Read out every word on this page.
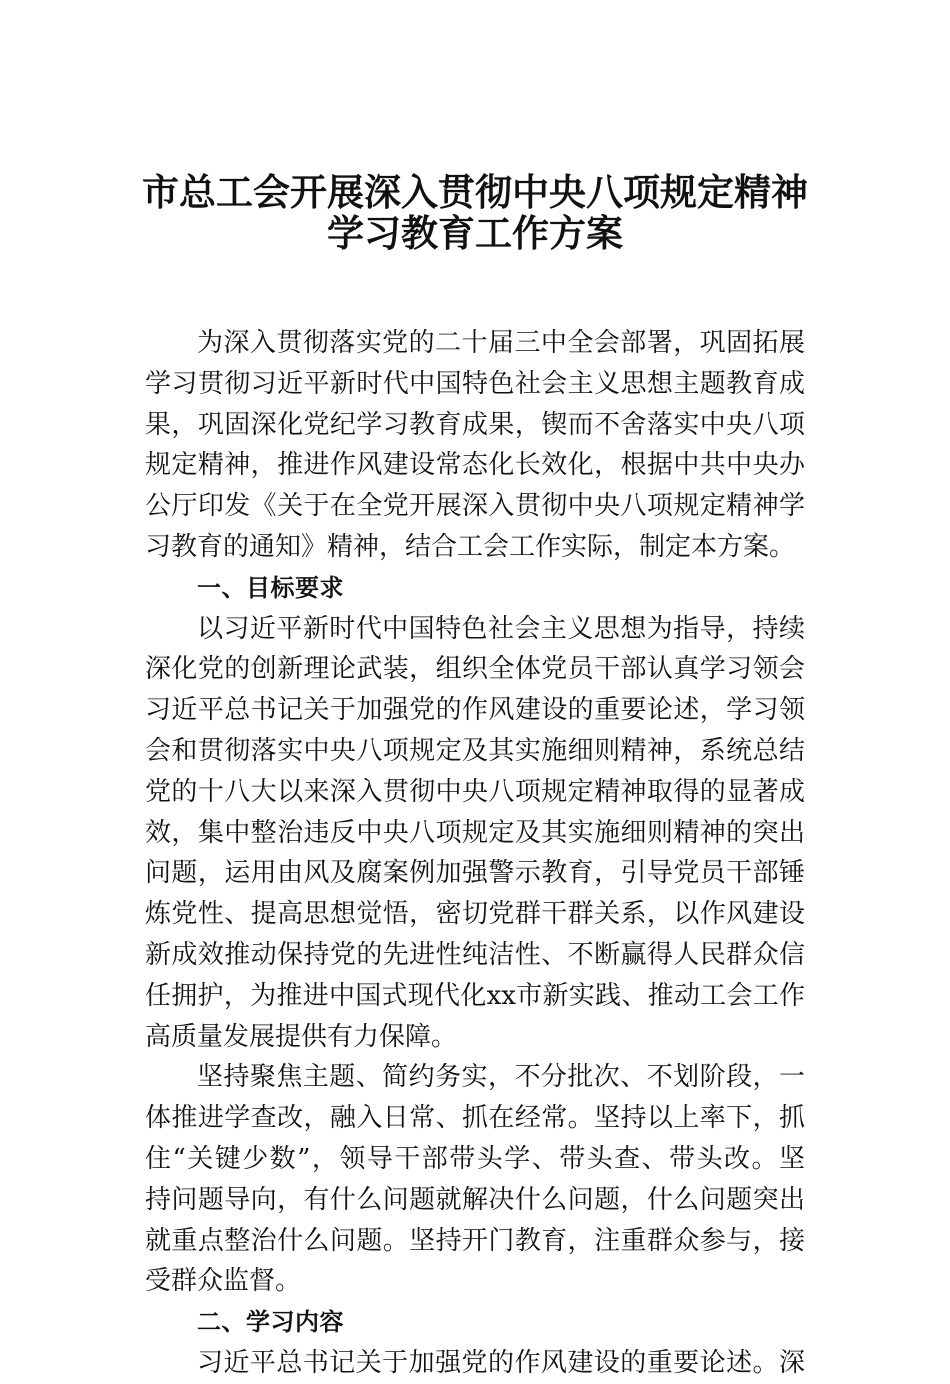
市总工会开展深入贯彻中央八项规定精神
学习教育工作方案
为深入贯彻落实党的二十届三中全会部署，巩固拓展
学习贯彻习近平新时代中国特色社会主义思想主题教育成
果，巩固深化党纪学习教育成果，锲而不舍落实中央八项
规定精神，推进作风建设常态化长效化，根据中共中央办
公厅印发《关于在全党开展深入贯彻中央八项规定精神学
习教育的通知》精神，结合工会工作实际，制定本方案。
一、目标要求
以习近平新时代中国特色社会主义思想为指导，持续
深化党的创新理论武装，组织全体党员干部认真学习领会
习近平总书记关于加强党的作风建设的重要论述，学习领
会和贯彻落实中央八项规定及其实施细则精神，系统总结
党的十八大以来深入贯彻中央八项规定精神取得的显著成
效，集中整治违反中央八项规定及其实施细则精神的突出
问题，运用由风及腐案例加强警示教育，引导党员干部锤
炼党性、提高思想觉悟，密切党群干群关系，以作风建设
新成效推动保持党的先进性纯洁性、不断赢得人民群众信
任拥护，为推进中国式现代化xx市新实践、推动工会工作
高质量发展提供有力保障。
坚持聚焦主题、简约务实，不分批次、不划阶段，一
体推进学查改，融入日常、抓在经常。坚持以上率下，抓
住“关键少数”，领导干部带头学、带头查、带头改。坚
持问题导向，有什么问题就解决什么问题，什么问题突出
就重点整治什么问题。坚持开门教育，注重群众参与，接
受群众监督。
二、学习内容
习近平总书记关于加强党的作风建设的重要论述。深
